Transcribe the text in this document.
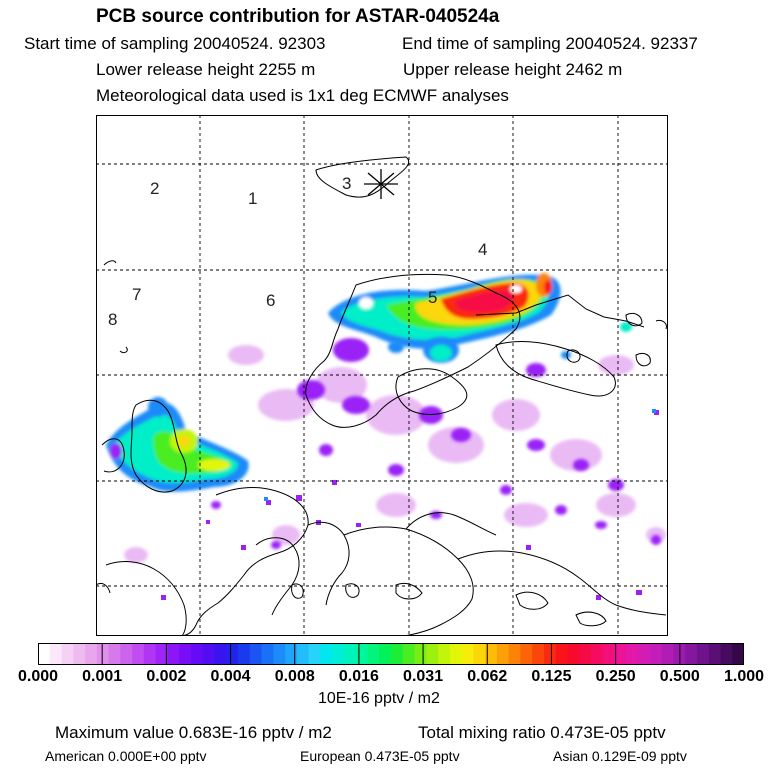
PCB source contribution for ASTAR-040524a
Start time of sampling 20040524. 92303	End time of sampling 20040524. 92337
Lower release height 2255 m	Upper release height 2462 m
Meteorological data used is 1x1 deg ECMWF analyses
1
2	3
4
5
6
7
8
0.000 0.001 0.002 0.004 0.008 0.016 0.031 0.062 0.125 0.250 0.500 1.000
10E-16 pptv / m2
Maximum value 0.683E-16 pptv / m2	Total mixing ratio 0.473E-05 pptv
American 0.000E+00 pptv	European 0.473E-05 pptv	Asian 0.129E-09 pptv
